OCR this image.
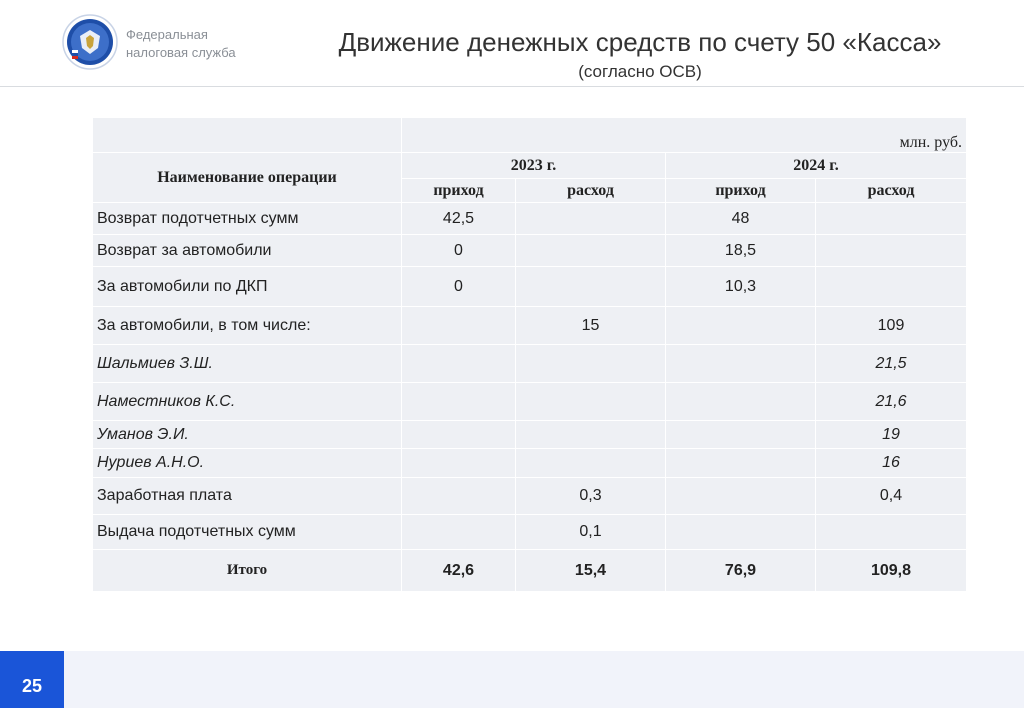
Федеральная
налоговая служба	Движение денежных средств по счету 50 «Касса»
(согласно ОСВ)
	млн. руб.			
Наименование операции	2023 г.		2024 г.	
	приход	расход	приход	расход
Возврат подотчетных сумм	42,5		48	
Возврат за автомобили	0		18,5	
За автомобили по ДКП	0		10,3	
За автомобили, в том числе:		15		109
Шальмиев З.Ш.				21,5
Наместников К.С.				21,6
Уманов Э.И.				19
Нуриев А.Н.О.				16
Заработная плата		0,3		0,4
Выдача подотчетных сумм		0,1		
Итого	42,6	15,4	76,9	109,8
25
